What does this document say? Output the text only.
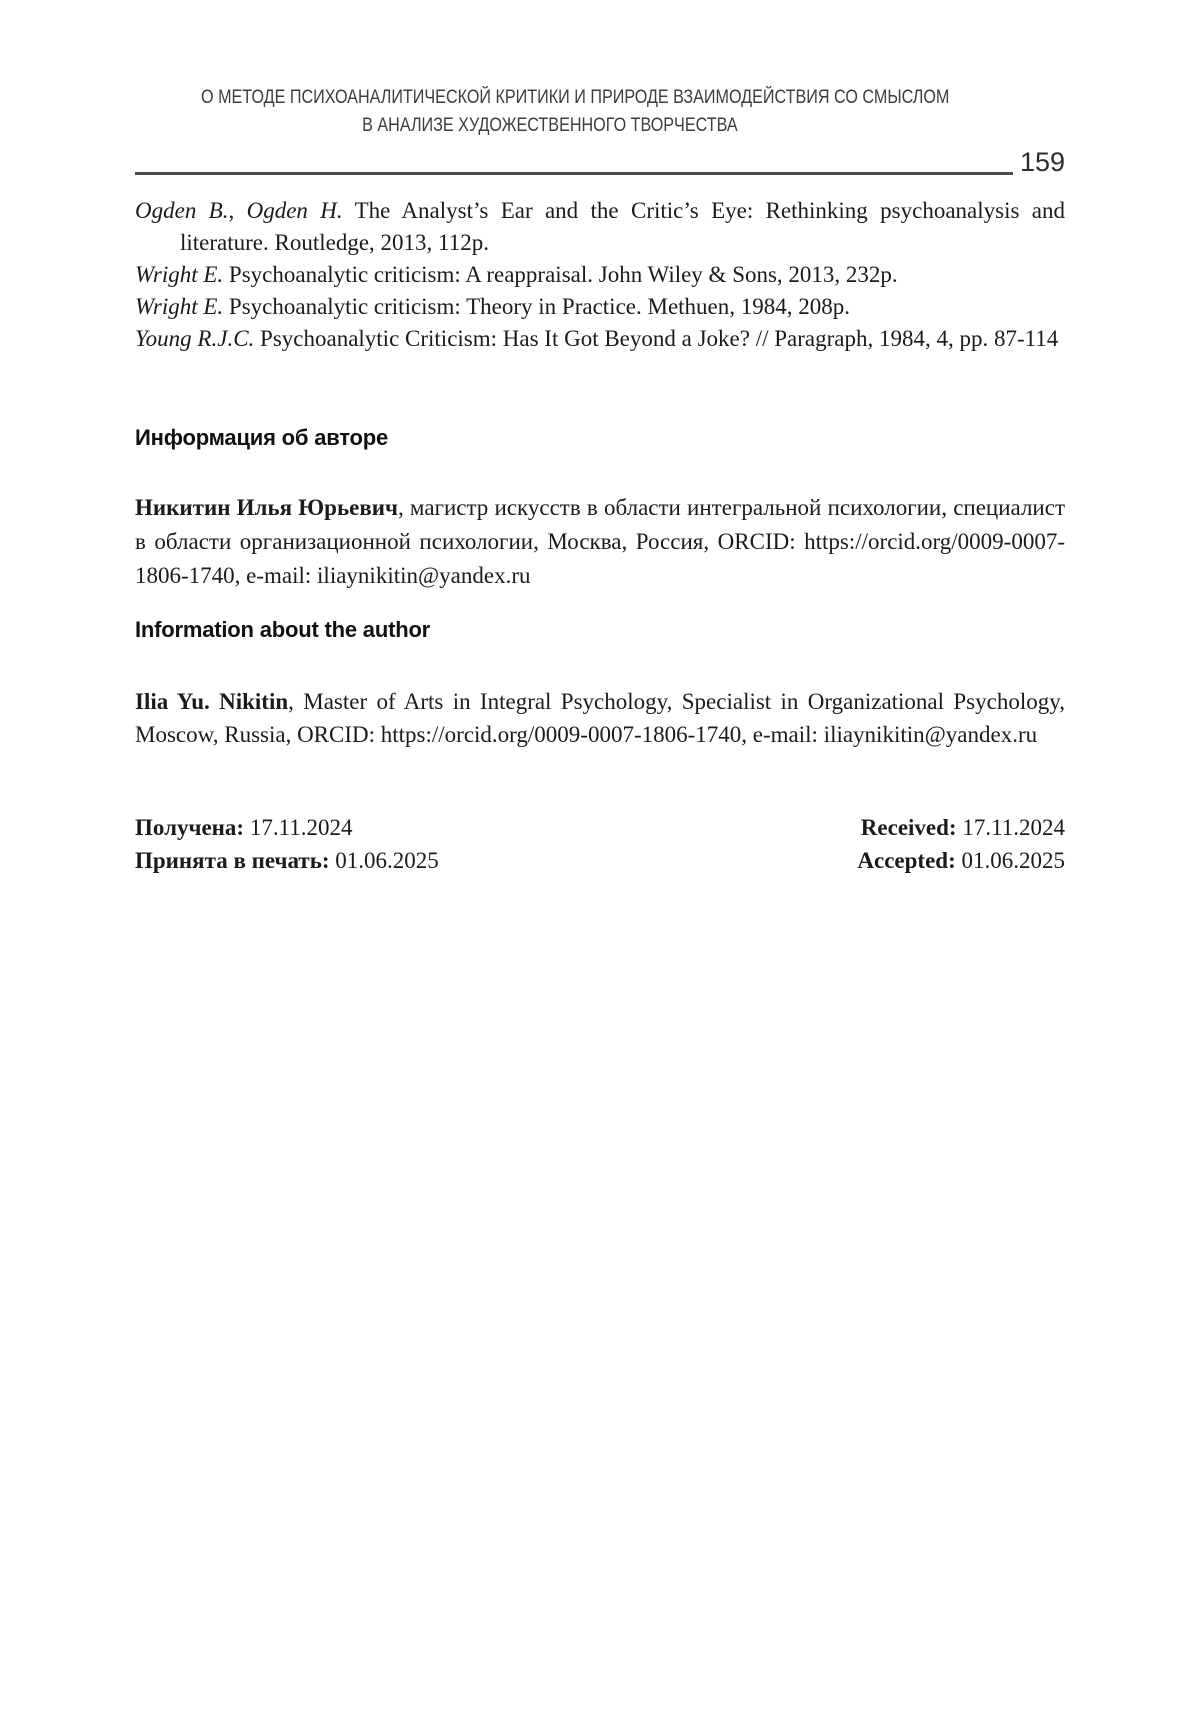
О МЕТОДЕ ПСИХОАНАЛИТИЧЕСКОЙ КРИТИКИ И ПРИРОДЕ ВЗАИМОДЕЙСТВИЯ СО СМЫСЛОМ
В АНАЛИЗЕ ХУДОЖЕСТВЕННОГО ТВОРЧЕСТВА
159

Ogden B., Ogden H. The Analyst’s Ear and the Critic’s Eye: Rethinking psychoanalysis and literature. Routledge, 2013, 112p.

Wright E. Psychoanalytic criticism: A reappraisal. John Wiley & Sons, 2013, 232p.

Wright E. Psychoanalytic criticism: Theory in Practice. Methuen, 1984, 208p.

Young R.J.C. Psychoanalytic Criticism: Has It Got Beyond a Joke? // Paragraph, 1984, 4, pp. 87-114

Информация об авторе

Никитин Илья Юрьевич, магистр искусств в области интегральной психологии, специалист в области организационной психологии, Москва, Россия, ORCID: https://orcid.org/0009-0007-1806-1740, e-mail: iliaynikitin@yandex.ru

Information about the author

Ilia Yu. Nikitin, Master of Arts in Integral Psychology, Specialist in Organizational Psychology, Moscow, Russia, ORCID: https://orcid.org/0009-0007-1806-1740, e-mail: iliaynikitin@yandex.ru

Получена: 17.11.2024
Принята в печать: 01.06.2025
Received: 17.11.2024
Accepted: 01.06.2025
